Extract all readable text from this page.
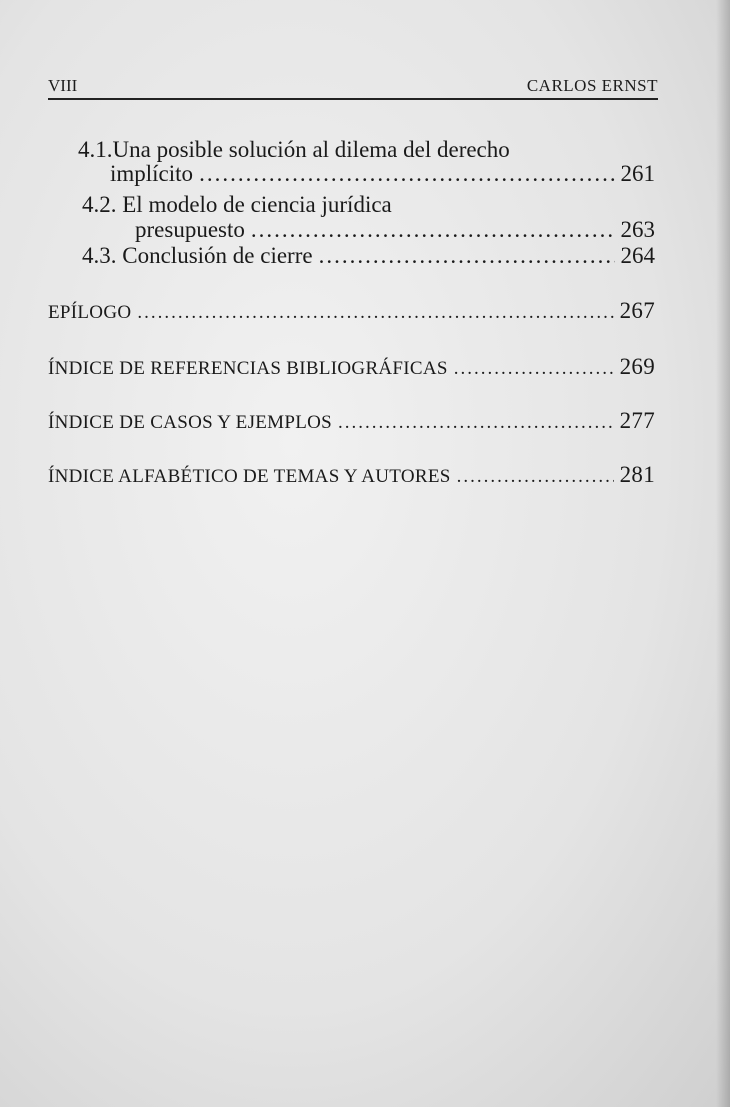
VIII	CARLOS ERNST
4.1.Una posible solución al dilema del derecho
implícito .....	261
4.2. El modelo de ciencia jurídica
presupuesto .....	263
4.3. Conclusión de cierre .....	264
EPÍLOGO .....	267
ÍNDICE DE REFERENCIAS BIBLIOGRÁFICAS .....	269
ÍNDICE DE CASOS Y EJEMPLOS .....	277
ÍNDICE ALFABÉTICO DE TEMAS Y AUTORES .....	281
